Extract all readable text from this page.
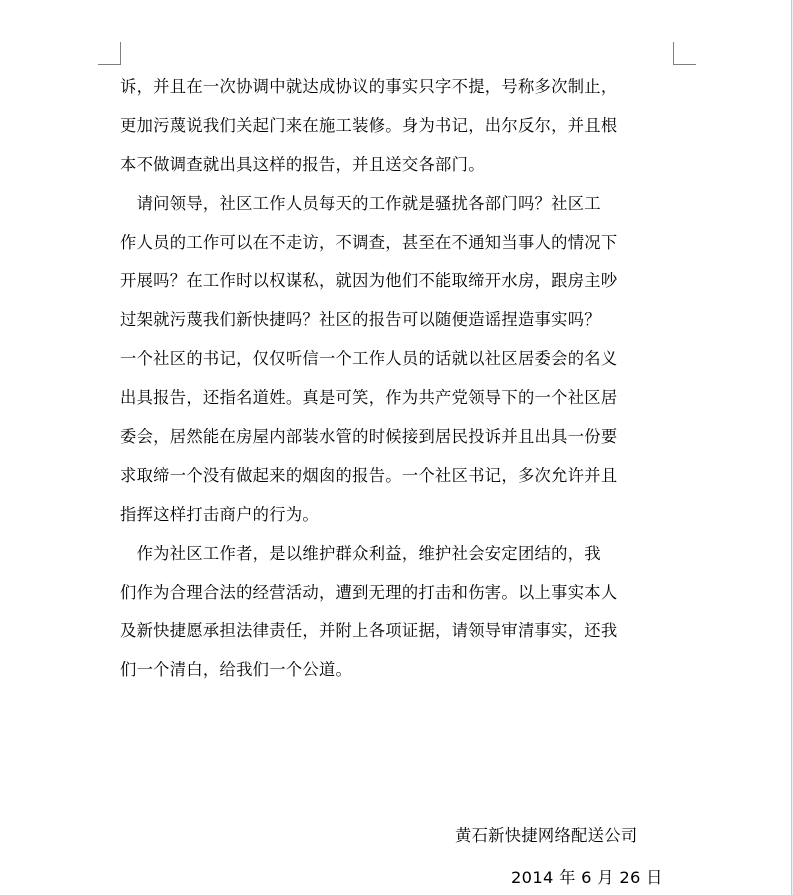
诉，并且在一次协调中就达成协议的事实只字不提，号称多次制止，
更加污蔑说我们关起门来在施工装修。身为书记，出尔反尔，并且根
本不做调查就出具这样的报告，并且送交各部门。
　请问领导，社区工作人员每天的工作就是骚扰各部门吗？社区工
作人员的工作可以在不走访，不调查，甚至在不通知当事人的情况下
开展吗？在工作时以权谋私，就因为他们不能取缔开水房，跟房主吵
过架就污蔑我们新快捷吗？社区的报告可以随便造谣捏造事实吗？
一个社区的书记，仅仅听信一个工作人员的话就以社区居委会的名义
出具报告，还指名道姓。真是可笑，作为共产党领导下的一个社区居
委会，居然能在房屋内部装水管的时候接到居民投诉并且出具一份要
求取缔一个没有做起来的烟囱的报告。一个社区书记，多次允许并且
指挥这样打击商户的行为。
　作为社区工作者，是以维护群众利益，维护社会安定团结的，我
们作为合理合法的经营活动，遭到无理的打击和伤害。以上事实本人
及新快捷愿承担法律责任，并附上各项证据，请领导审清事实，还我
们一个清白，给我们一个公道。
黄石新快捷网络配送公司
2014 年 6 月 26 日
